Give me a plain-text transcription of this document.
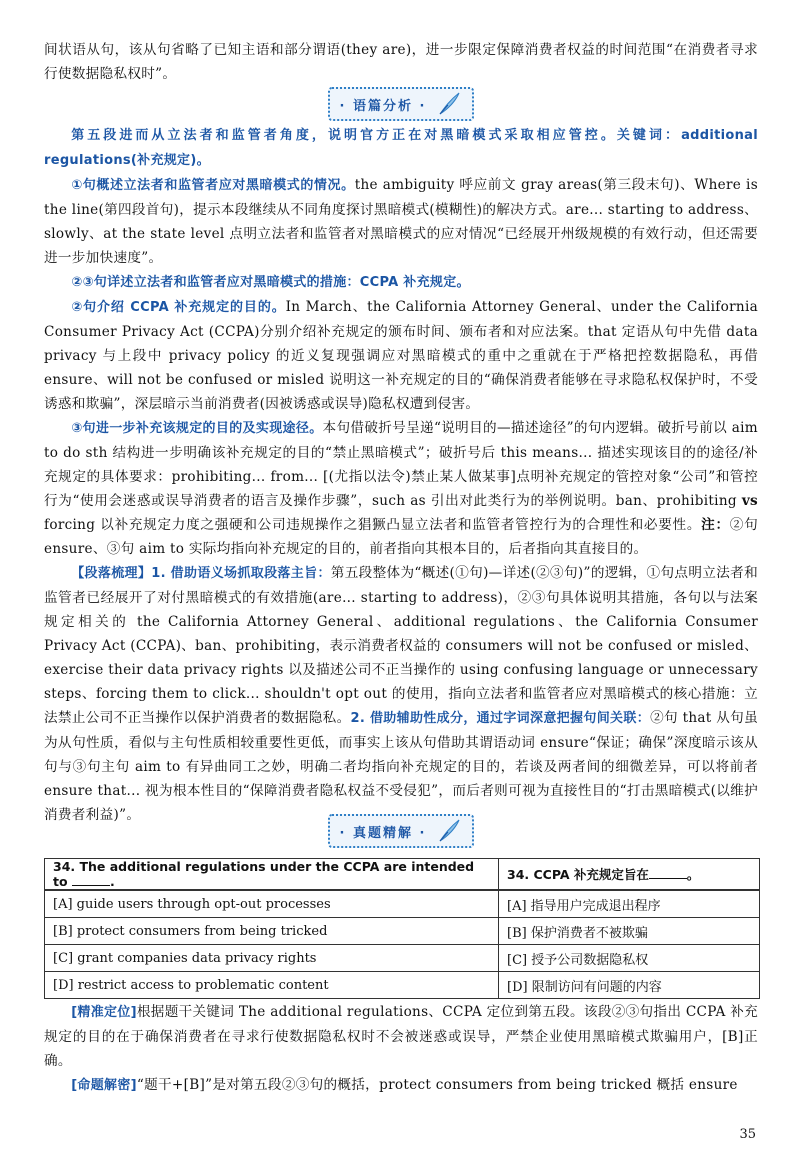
间状语从句，该从句省略了已知主语和部分谓语(they are)，进一步限定保障消费者权益的时间范围“在消费者寻求行使数据隐私权时”。

· 语篇分析 ·

第五段进而从立法者和监管者角度，说明官方正在对黑暗模式采取相应管控。关键词：additional regulations(补充规定)。

①句概述立法者和监管者应对黑暗模式的情况。the ambiguity 呼应前文 gray areas(第三段末句)、Where is the line(第四段首句)，提示本段继续从不同角度探讨黑暗模式(模糊性)的解决方式。are... starting to address、slowly、at the state level 点明立法者和监管者对黑暗模式的应对情况“已经展开州级规模的有效行动，但还需要进一步加快速度”。

②③句详述立法者和监管者应对黑暗模式的措施：CCPA 补充规定。

②句介绍 CCPA 补充规定的目的。In March、the California Attorney General、under the California Consumer Privacy Act (CCPA)分别介绍补充规定的颁布时间、颁布者和对应法案。that 定语从句中先借 data privacy 与上段中 privacy policy 的近义复现强调应对黑暗模式的重中之重就在于严格把控数据隐私，再借 ensure、will not be confused or misled 说明这一补充规定的目的“确保消费者能够在寻求隐私权保护时，不受诱惑和欺骗”，深层暗示当前消费者(因被诱惑或误导)隐私权遭到侵害。

③句进一步补充该规定的目的及实现途径。本句借破折号呈递“说明目的—描述途径”的句内逻辑。破折号前以 aim to do sth 结构进一步明确该补充规定的目的“禁止黑暗模式”；破折号后 this means... 描述实现该目的的途径/补充规定的具体要求：prohibiting... from... [(尤指以法令)禁止某人做某事]点明补充规定的管控对象“公司”和管控行为“使用会迷惑或误导消费者的语言及操作步骤”，such as 引出对此类行为的举例说明。ban、prohibiting vs forcing 以补充规定力度之强硬和公司违规操作之猖獗凸显立法者和监管者管控行为的合理性和必要性。注：②句 ensure、③句 aim to 实际均指向补充规定的目的，前者指向其根本目的，后者指向其直接目的。

【段落梳理】1. 借助语义场抓取段落主旨：第五段整体为“概述(①句)—详述(②③句)”的逻辑，①句点明立法者和监管者已经展开了对付黑暗模式的有效措施(are... starting to address)，②③句具体说明其措施，各句以与法案规定相关的 the California Attorney General、additional regulations、the California Consumer Privacy Act (CCPA)、ban、prohibiting，表示消费者权益的 consumers will not be confused or misled、exercise their data privacy rights 以及描述公司不正当操作的 using confusing language or unnecessary steps、forcing them to click... shouldn't opt out 的使用，指向立法者和监管者应对黑暗模式的核心措施：立法禁止公司不正当操作以保护消费者的数据隐私。2. 借助辅助性成分，通过字词深意把握句间关联：②句 that 从句虽为从句性质，看似与主句性质相较重要性更低，而事实上该从句借助其谓语动词 ensure“保证；确保”深度暗示该从句与③句主句 aim to 有异曲同工之妙，明确二者均指向补充规定的目的，若谈及两者间的细微差异，可以将前者 ensure that... 视为根本性目的“保障消费者隐私权益不受侵犯”，而后者则可视为直接性目的“打击黑暗模式(以维护消费者利益)”。

· 真题精解 ·
34. The additional regulations under the CCPA are intended to .	34. CCPA 补充规定旨在 。
[A] guide users through opt-out processes	[A] 指导用户完成退出程序
[B] protect consumers from being tricked	[B] 保护消费者不被欺骗
[C] grant companies data privacy rights	[C] 授予公司数据隐私权
[D] restrict access to problematic content	[D] 限制访问有问题的内容

[精准定位]根据题干关键词 The additional regulations、CCPA 定位到第五段。该段②③句指出 CCPA 补充规定的目的在于确保消费者在寻求行使数据隐私权时不会被迷惑或误导，严禁企业使用黑暗模式欺骗用户，[B]正确。

[命题解密]“题干+[B]”是对第五段②③句的概括，protect consumers from being tricked 概括 ensure

35
